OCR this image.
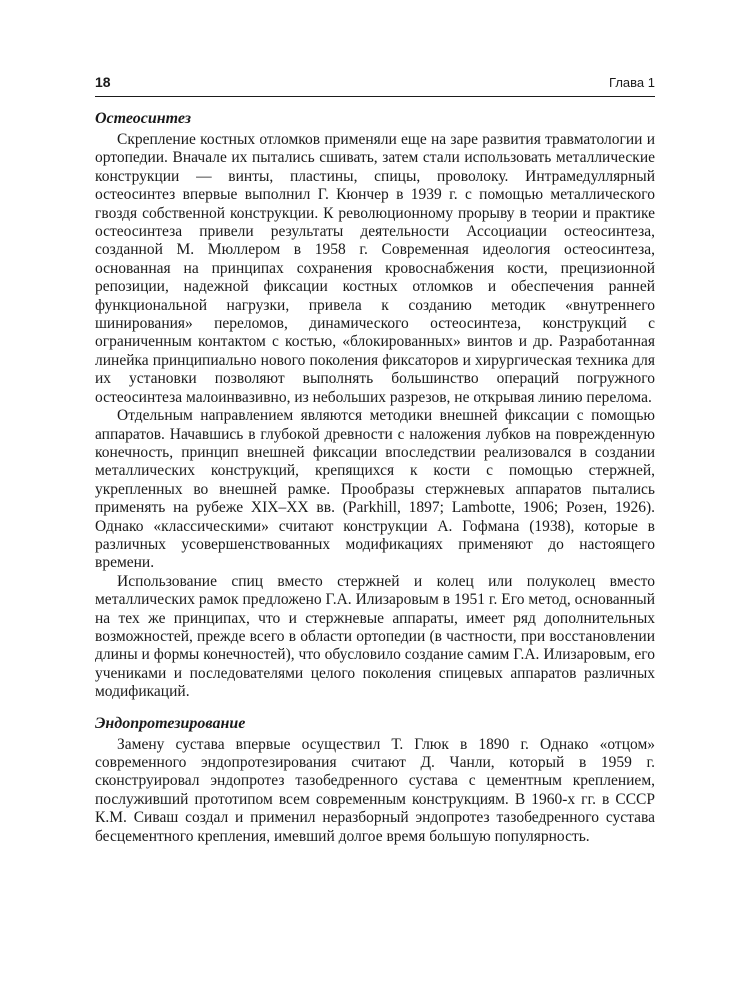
18	Глава 1
Остеосинтез

Скрепление костных отломков применяли еще на заре развития травматологии и ортопедии. Вначале их пытались сшивать, затем стали использовать металлические конструкции — винты, пластины, спицы, проволоку. Интрамедуллярный остеосинтез впервые выполнил Г. Кюнчер в 1939 г. с помощью металлического гвоздя собственной конструкции. К революционному прорыву в теории и практике остеосинтеза привели результаты деятельности Ассоциации остеосинтеза, созданной М. Мюллером в 1958 г. Современная идеология остеосинтеза, основанная на принципах сохранения кровоснабжения кости, прецизионной репозиции, надежной фиксации костных отломков и обеспечения ранней функциональной нагрузки, привела к созданию методик «внутреннего шинирования» переломов, динамического остеосинтеза, конструкций с ограниченным контактом с костью, «блокированных» винтов и др. Разработанная линейка принципиально нового поколения фиксаторов и хирургическая техника для их установки позволяют выполнять большинство операций погружного остеосинтеза малоинвазивно, из небольших разрезов, не открывая линию перелома.

Отдельным направлением являются методики внешней фиксации с помощью аппаратов. Начавшись в глубокой древности с наложения лубков на поврежденную конечность, принцип внешней фиксации впоследствии реализовался в создании металлических конструкций, крепящихся к кости с помощью стержней, укрепленных во внешней рамке. Прообразы стержневых аппаратов пытались применять на рубеже XIX–XX вв. (Parkhill, 1897; Lambotte, 1906; Розен, 1926). Однако «классическими» считают конструкции А. Гофмана (1938), которые в различных усовершенствованных модификациях применяют до настоящего времени.

Использование спиц вместо стержней и колец или полуколец вместо металлических рамок предложено Г.А. Илизаровым в 1951 г. Его метод, основанный на тех же принципах, что и стержневые аппараты, имеет ряд дополнительных возможностей, прежде всего в области ортопедии (в частности, при восстановлении длины и формы конечностей), что обусловило создание самим Г.А. Илизаровым, его учениками и последователями целого поколения спицевых аппаратов различных модификаций.

Эндопротезирование

Замену сустава впервые осуществил Т. Глюк в 1890 г. Однако «отцом» современного эндопротезирования считают Д. Чанли, который в 1959 г. сконструировал эндопротез тазобедренного сустава с цементным креплением, послуживший прототипом всем современным конструкциям. В 1960-х гг. в СССР К.М. Сиваш создал и применил неразборный эндопротез тазобедренного сустава бесцементного крепления, имевший долгое время большую популярность.
